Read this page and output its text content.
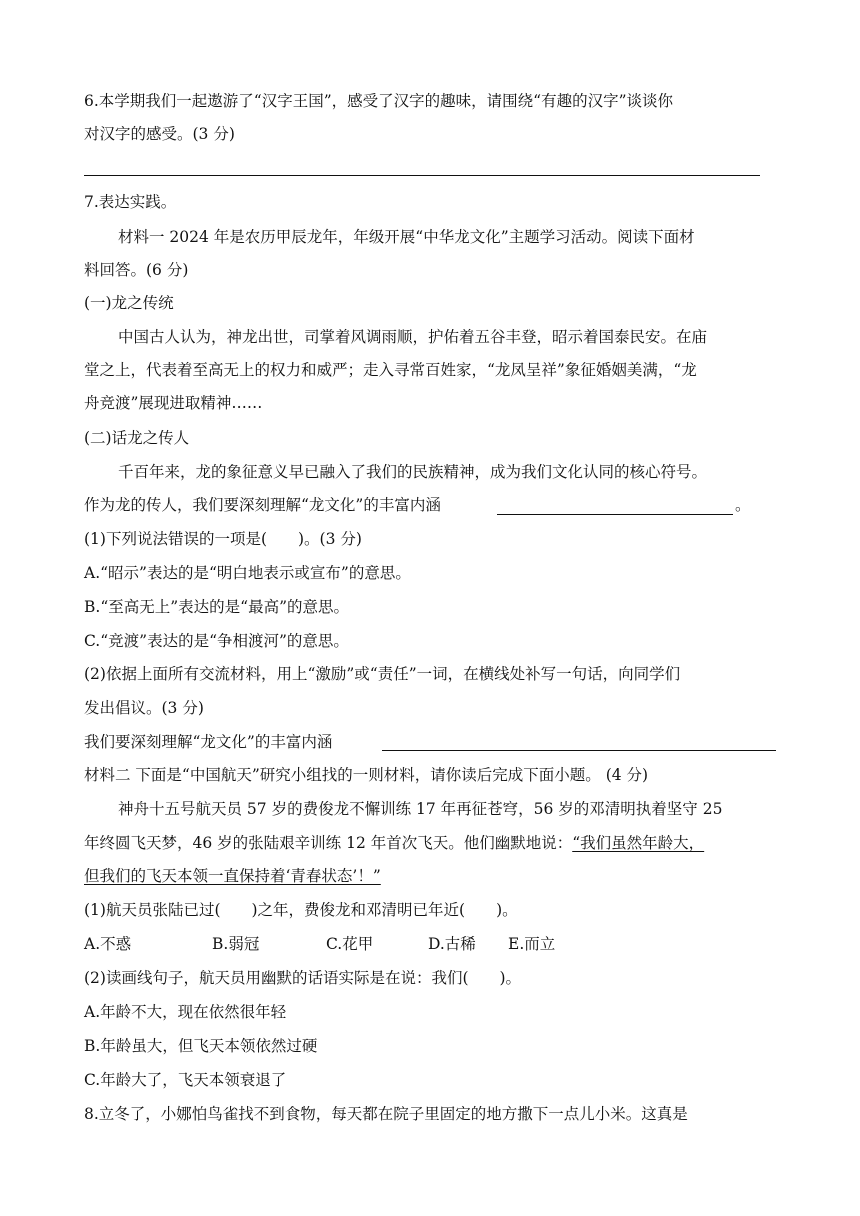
6.本学期我们一起遨游了“汉字王国”，感受了汉字的趣味，请围绕“有趣的汉字”谈谈你
对汉字的感受。(3 分)
7.表达实践。
材料一 2024 年是农历甲辰龙年，年级开展“中华龙文化”主题学习活动。阅读下面材
料回答。(6 分)
(一)龙之传统
中国古人认为，神龙出世，司掌着风调雨顺，护佑着五谷丰登，昭示着国泰民安。在庙
堂之上，代表着至高无上的权力和威严；走入寻常百姓家，“龙凤呈祥”象征婚姻美满，“龙
舟竞渡”展现进取精神……
(二)话龙之传人
千百年来，龙的象征意义早已融入了我们的民族精神，成为我们文化认同的核心符号。
作为龙的传人，我们要深刻理解“龙文化”的丰富内涵	。
(1)下列说法错误的一项是(　　)。(3 分)
A.“昭示”表达的是“明白地表示或宣布”的意思。
B.“至高无上”表达的是“最高”的意思。
C.“竞渡”表达的是“争相渡河”的意思。
(2)依据上面所有交流材料，用上“激励”或“责任”一词，在横线处补写一句话，向同学们
发出倡议。(3 分)
我们要深刻理解“龙文化”的丰富内涵
材料二 下面是“中国航天”研究小组找的一则材料，请你读后完成下面小题。 (4 分)
神舟十五号航天员 57 岁的费俊龙不懈训练 17 年再征苍穹，56 岁的邓清明执着坚守 25
年终圆飞天梦，46 岁的张陆艰辛训练 12 年首次飞天。他们幽默地说：“我们虽然年龄大，
但我们的飞天本领一直保持着‘青春状态’！”
(1)航天员张陆已过(　　)之年，费俊龙和邓清明已年近(　　)。
A.不惑	B.弱冠	C.花甲	D.古稀 E.而立
(2)读画线句子，航天员用幽默的话语实际是在说：我们(　　)。
A.年龄不大，现在依然很年轻
B.年龄虽大，但飞天本领依然过硬
C.年龄大了，飞天本领衰退了
8.立冬了，小娜怕鸟雀找不到食物，每天都在院子里固定的地方撒下一点儿小米。这真是
